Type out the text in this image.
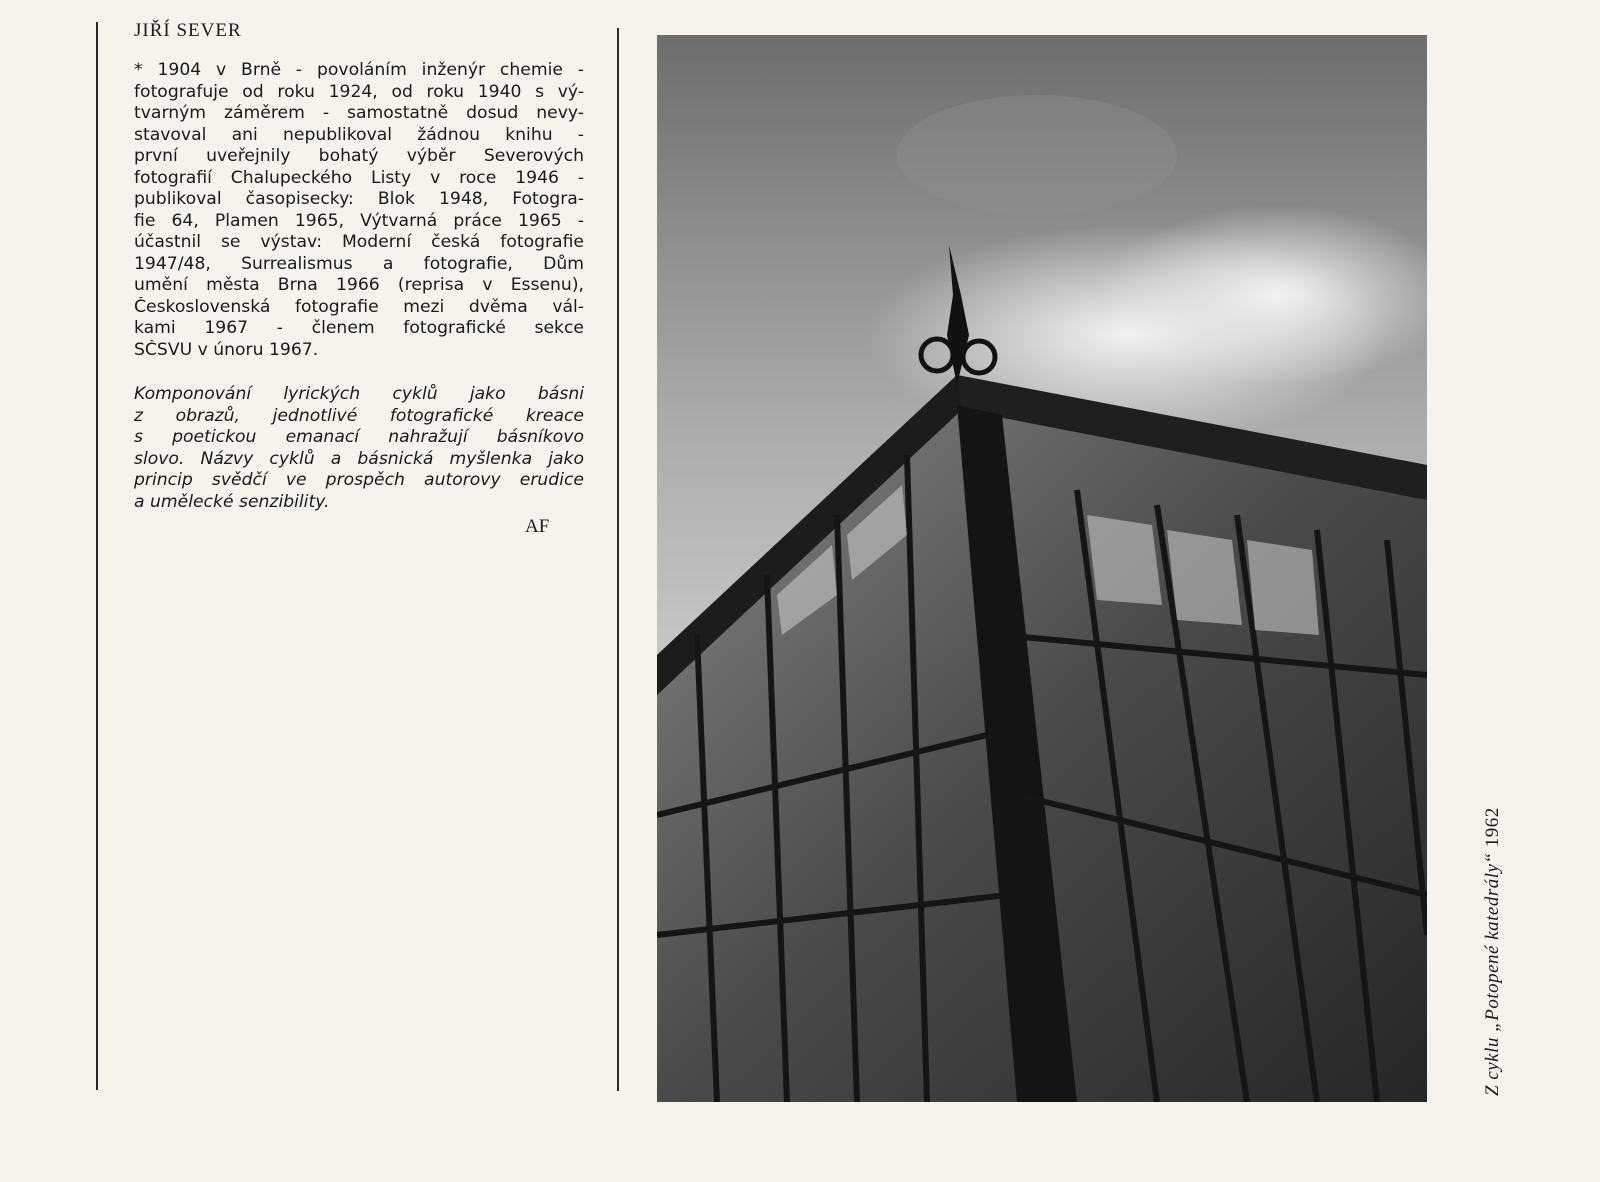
JIŘÍ SEVER
* 1904 v Brně - povoláním inženýr chemie -
fotografuje od roku 1924, od roku 1940 s vý-
tvarným záměrem - samostatně dosud nevy-
stavoval ani nepublikoval žádnou knihu -
první uveřejnily bohatý výběr Severových
fotografií Chalupeckého Listy v roce 1946 -
publikoval časopisecky: Blok 1948, Fotogra-
fie 64, Plamen 1965, Výtvarná práce 1965 -
účastnil se výstav: Moderní česká fotografie
1947/48, Surrealismus a fotografie, Dům
umění města Brna 1966 (reprisa v Essenu),
Československá fotografie mezi dvěma vál-
kami 1967 - členem fotografické sekce
SČSVU v únoru 1967.
Komponování lyrických cyklů jako básni
z obrazů, jednotlivé fotografické kreace
s poetickou emanací nahražují básníkovo
slovo. Názvy cyklů a básnická myšlenka jako
princip svědčí ve prospěch autorovy erudice
a umělecké senzibility.
AF
Z cyklu „Potopené katedrály“ 1962
